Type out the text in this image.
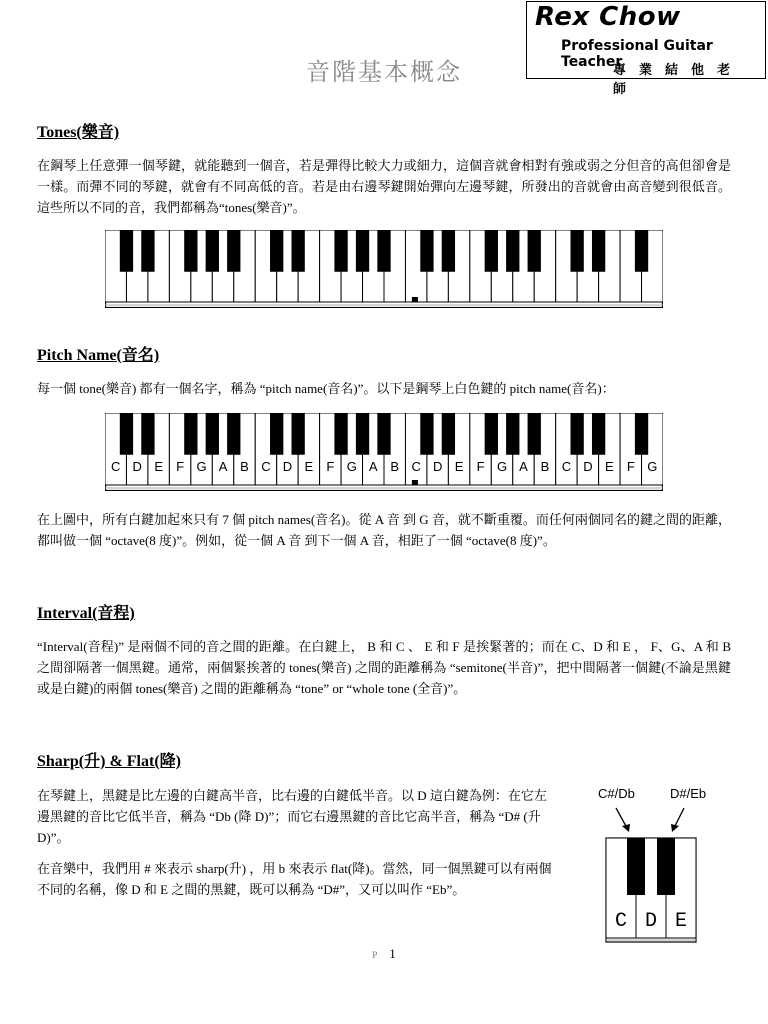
Rex Chow
Professional Guitar Teacher
專業結他老師
音階基本概念
Tones(樂音)
在鋼琴上任意彈一個琴鍵，就能聽到一個音，若是彈得比較大力或細力，這個音就會相對有強或弱之分但音的高但卻會是一樣。而彈不同的琴鍵，就會有不同高低的音。若是由右邊琴鍵開始彈向左邊琴鍵，所發出的音就會由高音變到很低音。這些所以不同的音，我們都稱為“tones(樂音)”。
Pitch Name(音名)
每一個 tone(樂音) 都有一個名字，稱為 “pitch name(音名)”。以下是鋼琴上白色鍵的 pitch name(音名)：
C D E F G A B C D E F G A B C D E F G A B C D E F G
在上圖中，所有白鍵加起來只有 7 個 pitch names(音名)。從 A 音 到 G 音，就不斷重覆。而任何兩個同名的鍵之間的距離，都叫做一個 “octave(8 度)”。例如，從一個 A 音 到下一個 A 音，相距了一個 “octave(8 度)”。
Interval(音程)
“Interval(音程)” 是兩個不同的音之間的距離。在白鍵上， B 和 C 、 E 和 F 是挨緊著的；而在 C、D 和 E ， F、G、A 和 B 之間卻隔著一個黑鍵。通常，兩個緊挨著的 tones(樂音) 之間的距離稱為 “semitone(半音)”，把中間隔著一個鍵(不論是黑鍵或是白鍵)的兩個 tones(樂音) 之間的距離稱為 “tone” or “whole tone (全音)”。
Sharp(升) & Flat(降)
在琴鍵上，黑鍵是比左邊的白鍵高半音，比右邊的白鍵低半音。以 D 這白鍵為例：在它左邊黑鍵的音比它低半音，稱為 “Db (降 D)”；而它右邊黑鍵的音比它高半音，稱為 “D# (升 D)”。
在音樂中，我們用 # 來表示 sharp(升) ，用 b 來表示 flat(降)。當然，同一個黑鍵可以有兩個不同的名稱，像 D 和 E 之間的黑鍵，既可以稱為 “D#”，又可以叫作 “Eb”。
C#/Db	D#/Eb
C D E
P 1
